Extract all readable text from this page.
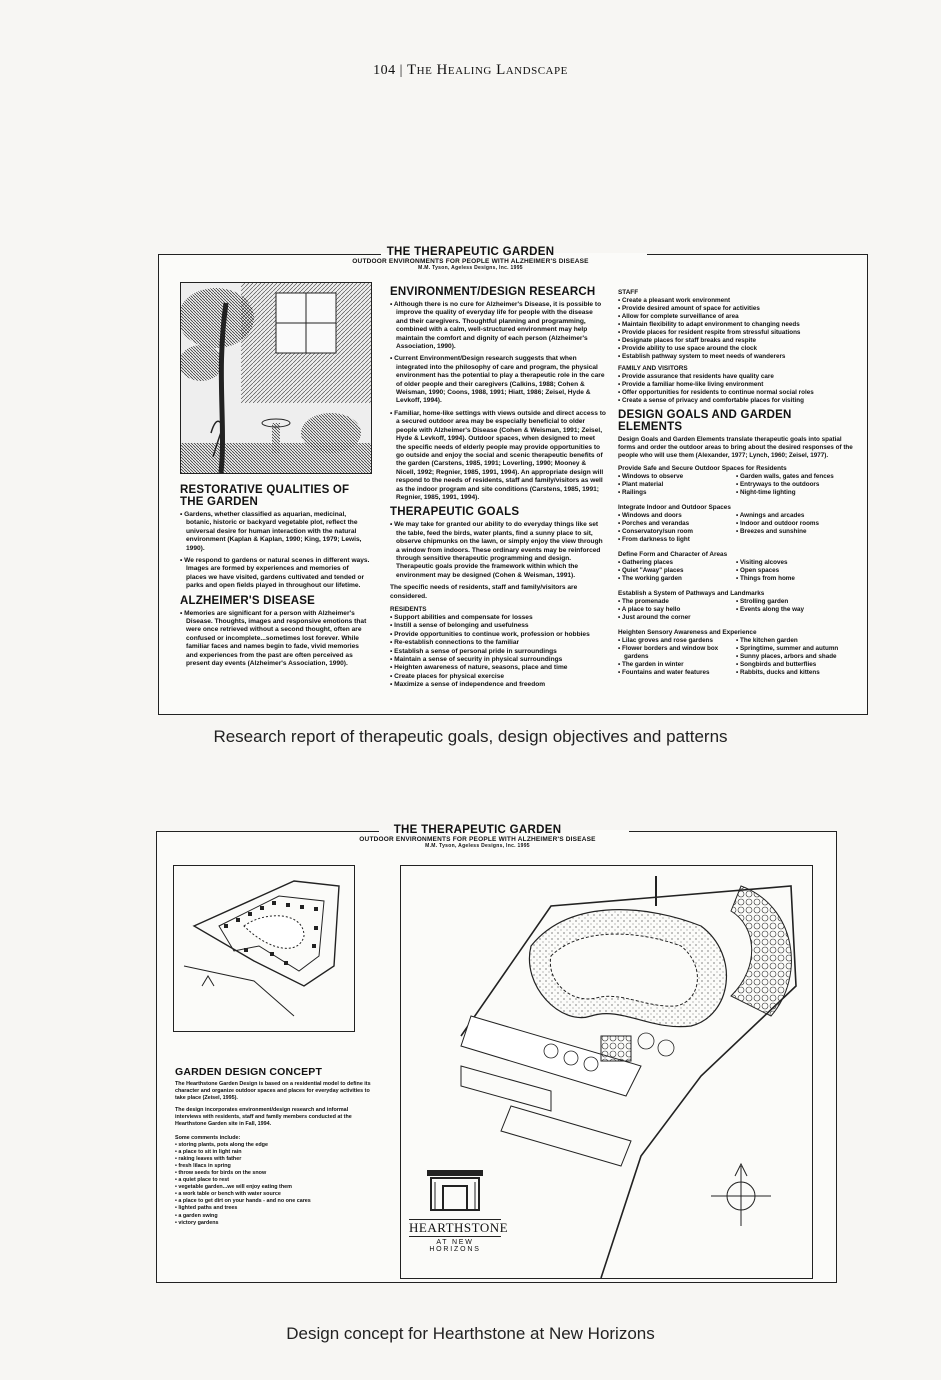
104 | The Healing Landscape
THE THERAPEUTIC GARDEN
OUTDOOR ENVIRONMENTS FOR PEOPLE WITH ALZHEIMER'S DISEASE
M.M. Tyson, Ageless Designs, Inc. 1995
RESTORATIVE QUALITIES OF THE GARDEN
• Gardens, whether classified as aquarian, medicinal, botanic, historic or backyard vegetable plot, reflect the universal desire for human interaction with the natural environment (Kaplan & Kaplan, 1990; King, 1979; Lewis, 1990).
• We respond to gardens or natural scenes in different ways. Images are formed by experiences and memories of places we have visited, gardens cultivated and tended or parks and open fields played in throughout our lifetime.
ALZHEIMER'S DISEASE
• Memories are significant for a person with Alzheimer's Disease. Thoughts, images and responsive emotions that were once retrieved without a second thought, often are confused or incomplete...sometimes lost forever. While familiar faces and names begin to fade, vivid memories and experiences from the past are often perceived as present day events (Alzheimer's Association, 1990).
ENVIRONMENT/DESIGN RESEARCH
• Although there is no cure for Alzheimer's Disease, it is possible to improve the quality of everyday life for people with the disease and their caregivers. Thoughtful planning and programming, combined with a calm, well-structured environment may help maintain the comfort and dignity of each person (Alzheimer's Association, 1990).
• Current Environment/Design research suggests that when integrated into the philosophy of care and program, the physical environment has the potential to play a therapeutic role in the care of older people and their caregivers (Calkins, 1988; Cohen & Weisman, 1990; Coons, 1988, 1991; Hiatt, 1986; Zeisel, Hyde & Levkoff, 1994).
• Familiar, home-like settings with views outside and direct access to a secured outdoor area may be especially beneficial to older people with Alzheimer's Disease (Cohen & Weisman, 1991; Zeisel, Hyde & Levkoff, 1994). Outdoor spaces, when designed to meet the specific needs of elderly people may provide opportunities to go outside and enjoy the social and scenic therapeutic benefits of the garden (Carstens, 1985, 1991; Loverling, 1990; Mooney & Nicell, 1992; Regnier, 1985, 1991, 1994). An appropriate design will respond to the needs of residents, staff and family/visitors as well as the indoor program and site conditions (Carstens, 1985, 1991; Regnier, 1985, 1991, 1994).
THERAPEUTIC GOALS
• We may take for granted our ability to do everyday things like set the table, feed the birds, water plants, find a sunny place to sit, observe chipmunks on the lawn, or simply enjoy the view through a window from indoors. These ordinary events may be reinforced through sensitive therapeutic programming and design. Therapeutic goals provide the framework within which the environment may be designed (Cohen & Weisman, 1991).
The specific needs of residents, staff and family/visitors are considered.
RESIDENTS
• Support abilities and compensate for losses
• Instill a sense of belonging and usefulness
• Provide opportunities to continue work, profession or hobbies
• Re-establish connections to the familiar
• Establish a sense of personal pride in surroundings
• Maintain a sense of security in physical surroundings
• Heighten awareness of nature, seasons, place and time
• Create places for physical exercise
• Maximize a sense of independence and freedom
STAFF
• Create a pleasant work environment
• Provide desired amount of space for activities
• Allow for complete surveillance of area
• Maintain flexibility to adapt environment to changing needs
• Provide places for resident respite from stressful situations
• Designate places for staff breaks and respite
• Provide ability to use space around the clock
• Establish pathway system to meet needs of wanderers
FAMILY AND VISITORS
• Provide assurance that residents have quality care
• Provide a familiar home-like living environment
• Offer opportunities for residents to continue normal social roles
• Create a sense of privacy and comfortable places for visiting
DESIGN GOALS AND GARDEN ELEMENTS
Design Goals and Garden Elements translate therapeutic goals into spatial forms and order the outdoor areas to bring about the desired responses of the people who will use them (Alexander, 1977; Lynch, 1960; Zeisel, 1977).
Provide Safe and Secure Outdoor Spaces for Residents
• Windows to observe
• Plant material
• Railings
• Garden walls, gates and fences
• Entryways to the outdoors
• Night-time lighting
Integrate Indoor and Outdoor Spaces
• Windows and doors
• Porches and verandas
• Conservatory/sun room
• From darkness to light
• Awnings and arcades
• Indoor and outdoor rooms
• Breezes and sunshine
Define Form and Character of Areas
• Gathering places
• Quiet "Away" places
• The working garden
• Visiting alcoves
• Open spaces
• Things from home
Establish a System of Pathways and Landmarks
• The promenade
• A place to say hello
• Just around the corner
• Strolling garden
• Events along the way
Heighten Sensory Awareness and Experience
• Lilac groves and rose gardens
• Flower borders and window box gardens
• The garden in winter
• Fountains and water features
• The kitchen garden
• Springtime, summer and autumn
• Sunny places, arbors and shade
• Songbirds and butterflies
• Rabbits, ducks and kittens
Research report of therapeutic goals, design objectives and patterns
THE THERAPEUTIC GARDEN
OUTDOOR ENVIRONMENTS FOR PEOPLE WITH ALZHEIMER'S DISEASE
M.M. Tyson, Ageless Designs, Inc. 1995
GARDEN DESIGN CONCEPT
The Hearthstone Garden Design is based on a residential model to define its character and organize outdoor spaces and places for everyday activities to take place (Zeisel, 1995).
The design incorporates environment/design research and informal interviews with residents, staff and family members conducted at the Hearthstone Garden site in Fall, 1994.
Some comments include:
• storing plants, pots along the edge
• a place to sit in light rain
• raking leaves with father
• fresh lilacs in spring
• throw seeds for birds on the snow
• a quiet place to rest
• vegetable garden...we will enjoy eating them
• a work table or bench with water source
• a place to get dirt on your hands - and no one cares
• lighted paths and trees
• a garden swing
• victory gardens	HEARTHSTONE
AT NEW HORIZONS
Design concept for Hearthstone at New Horizons
